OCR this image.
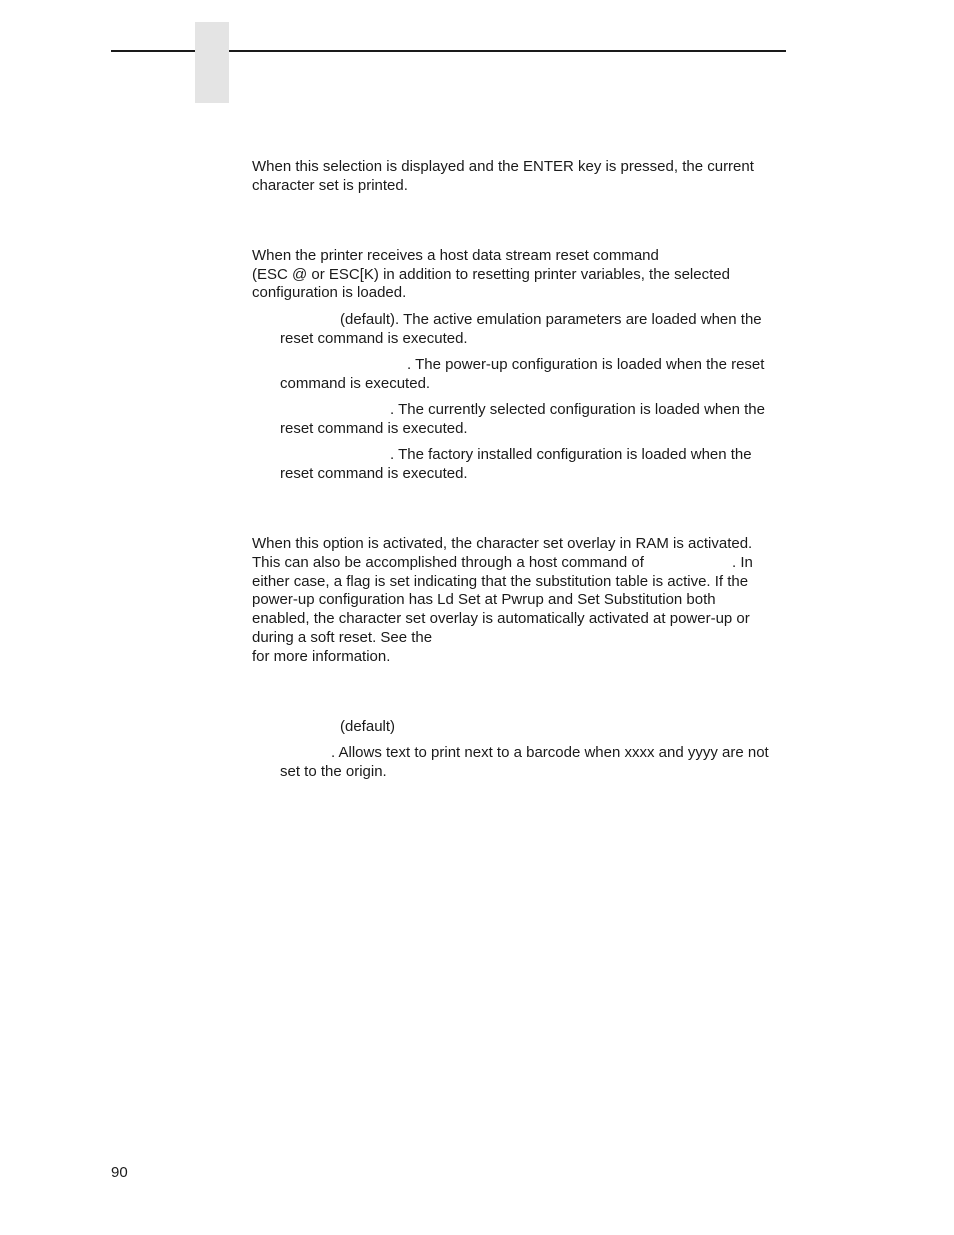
When this selection is displayed and the ENTER key is pressed, the current

character set is printed.

When the printer receives a host data stream reset command

(ESC @ or ESC[K) in addition to resetting printer variables, the selected

configuration is loaded.

(default). The active emulation parameters are loaded when the

reset command is executed.

. The power-up configuration is loaded when the reset

command is executed.

. The currently selected configuration is loaded when the

reset command is executed.

. The factory installed configuration is loaded when the

reset command is executed.

When this option is activated, the character set overlay in RAM is activated.

This can also be accomplished through a host command of	. In

either case, a flag is set indicating that the substitution table is active. If the

power-up configuration has Ld Set at Pwrup and Set Substitution both

enabled, the character set overlay is automatically activated at power-up or

during a soft reset. See the

for more information.

(default)

. Allows text to print next to a barcode when xxxx and yyyy are not

set to the origin.

90
